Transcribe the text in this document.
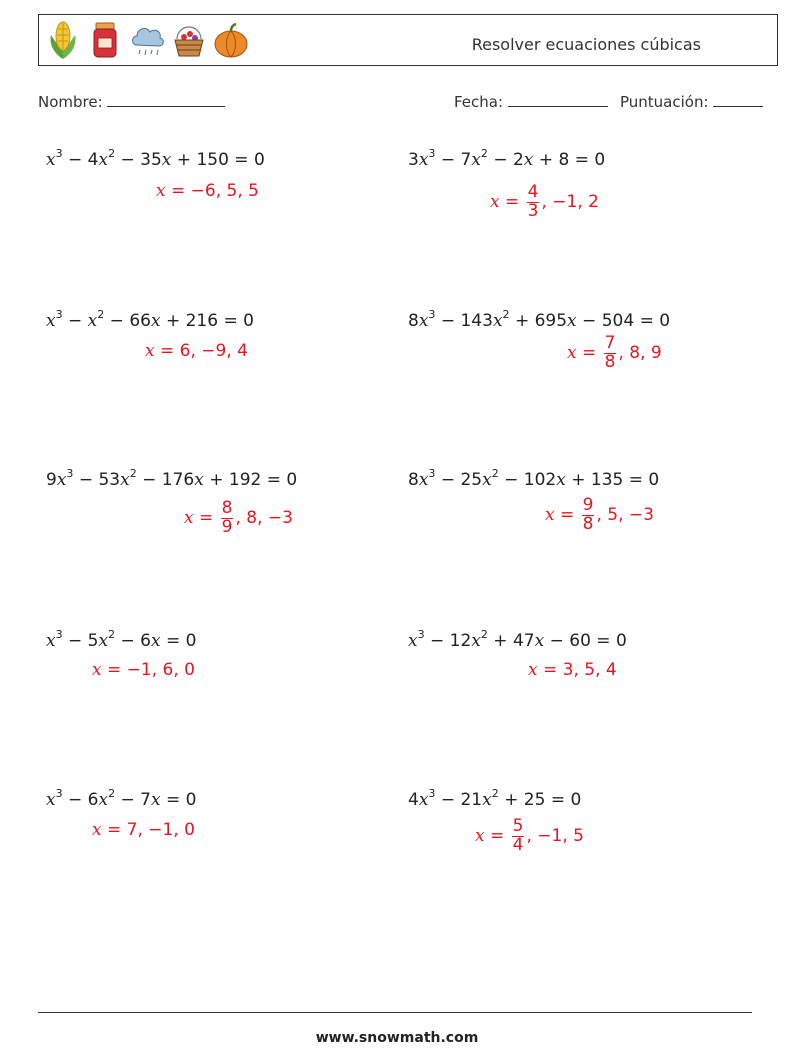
Resolver ecuaciones cúbicas
Nombre:	Fecha:	Puntuación:
$x^3 - 4x^2 - 35x + 150 = 0$
x = −6, 5, 5
$3x^3 - 7x^2 - 2x + 8 = 0$
$x = \frac{4}{3}$ , −1, 2
$x^3 - x^2 - 66x + 216 = 0$
x = 6, −9, 4
$8x^3 - 143x^2 + 695x - 504 = 0$
$x = \frac{7}{8}$ , 8, 9
$9x^3 - 53x^2 - 176x + 192 = 0$
$x = \frac{8}{9}$ , 8, −3
$8x^3 - 25x^2 - 102x + 135 = 0$
$x = \frac{9}{8}$ , 5, −3
$x^3 - 5x^2 - 6x = 0$
x = −1, 6, 0
$x^3 - 12x^2 + 47x - 60 = 0$
x = 3, 5, 4
$x^3 - 6x^2 - 7x = 0$
x = 7, −1, 0
$4x^3 - 21x^2 + 25 = 0$
$x = \frac{5}{4}$ , −1, 5
www.snowmath.com
